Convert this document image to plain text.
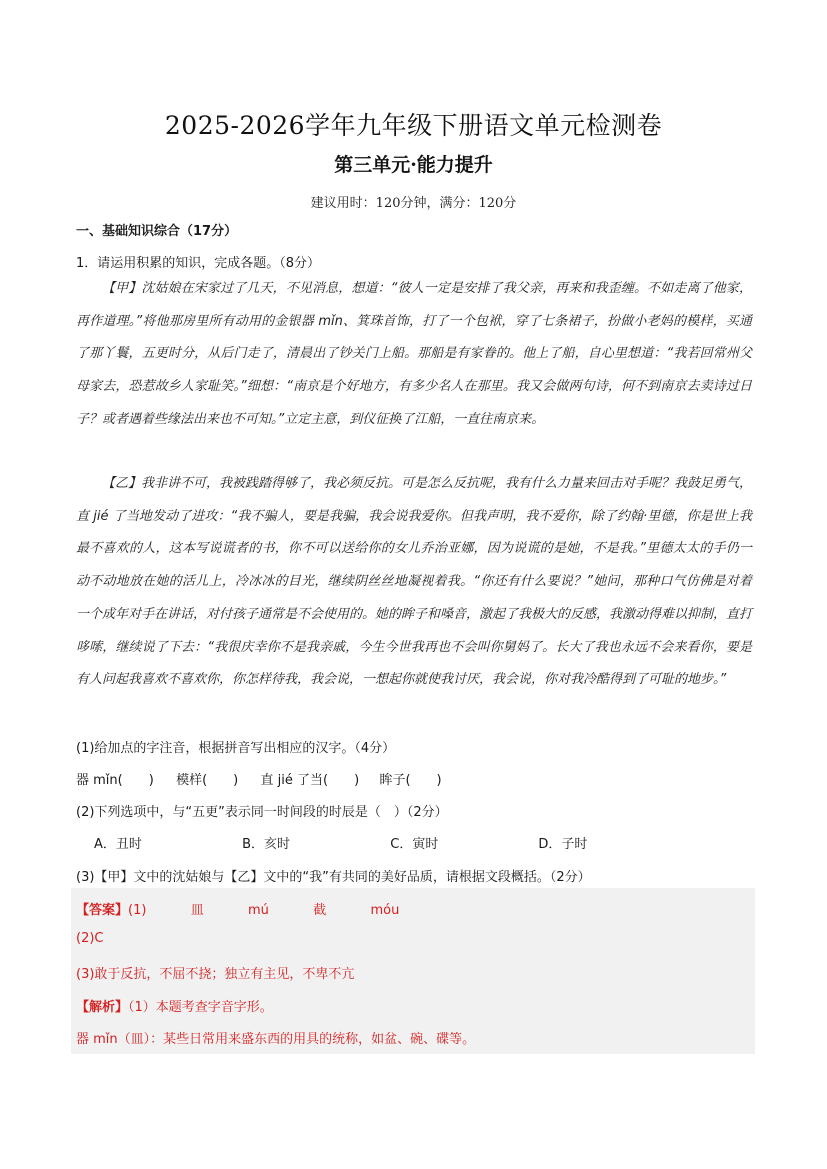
2025-2026学年九年级下册语文单元检测卷
第三单元·能力提升
建议用时：120分钟，满分：120分
一、基础知识综合（17分）
1．请运用积累的知识，完成各题。（8分）

【甲】沈姑娘在宋家过了几天，不见消息，想道：“彼人一定是安排了我父亲，再来和我歪缠。不如走离了他家，再作道理。”将他那房里所有动用的金银器 mǐn、箕珠首饰，打了一个包袱，穿了七条裙子，扮做小老妈的模样，买通了那丫鬟，五更时分，从后门走了，清晨出了钞关门上船。那船是有家眷的。他上了船，自心里想道：“我若回常州父母家去，恐惹故乡人家耻笑。”细想：“南京是个好地方，有多少名人在那里。我又会做两句诗，何不到南京去卖诗过日子？或者遇着些缘法出来也不可知。”立定主意，到仪征换了江船，一直往南京来。

【乙】我非讲不可，我被践踏得够了，我必须反抗。可是怎么反抗呢，我有什么力量来回击对手呢？我鼓足勇气，直 jié 了当地发动了进攻：“我不骗人，要是我骗，我会说我爱你。但我声明，我不爱你，除了约翰·里德，你是世上我最不喜欢的人，这本写说谎者的书，你不可以送给你的女儿乔治亚娜，因为说谎的是她，不是我。”里德太太的手仍一动不动地放在她的活儿上，冷冰冰的目光，继续阴丝丝地凝视着我。“你还有什么要说？”她问，那种口气仿佛是对着一个成年对手在讲话，对付孩子通常是不会使用的。她的眸子和嗓音，激起了我极大的反感，我激动得难以抑制，直打哆嗦，继续说了下去：“我很庆幸你不是我亲戚，今生今世我再也不会叫你舅妈了。长大了我也永远不会来看你，要是有人问起我喜欢不喜欢你，你怎样待我，我会说，一想起你就使我讨厌，我会说，你对我冷酷得到了可耻的地步。”

(1)给加点的字注音，根据拼音写出相应的汉字。（4分）
器 mǐn(　　) 模样(　　) 直 jié 了当(　　) 眸子(　　)
(2)下列选项中，与“五更”表示同一时间段的时辰是（　）（2分）
A．丑时	B．亥时	C．寅时	D．子时
(3)【甲】文中的沈姑娘与【乙】文中的“我”有共同的美好品质，请根据文段概括。（2分）
【答案】(1)	皿	mú	截	móu
(2)C
(3)敢于反抗，不屈不挠；独立有主见，不卑不亢
【解析】（1）本题考查字音字形。
器 mǐn（皿）：某些日常用来盛东西的用具的统称，如盆、碗、碟等。
